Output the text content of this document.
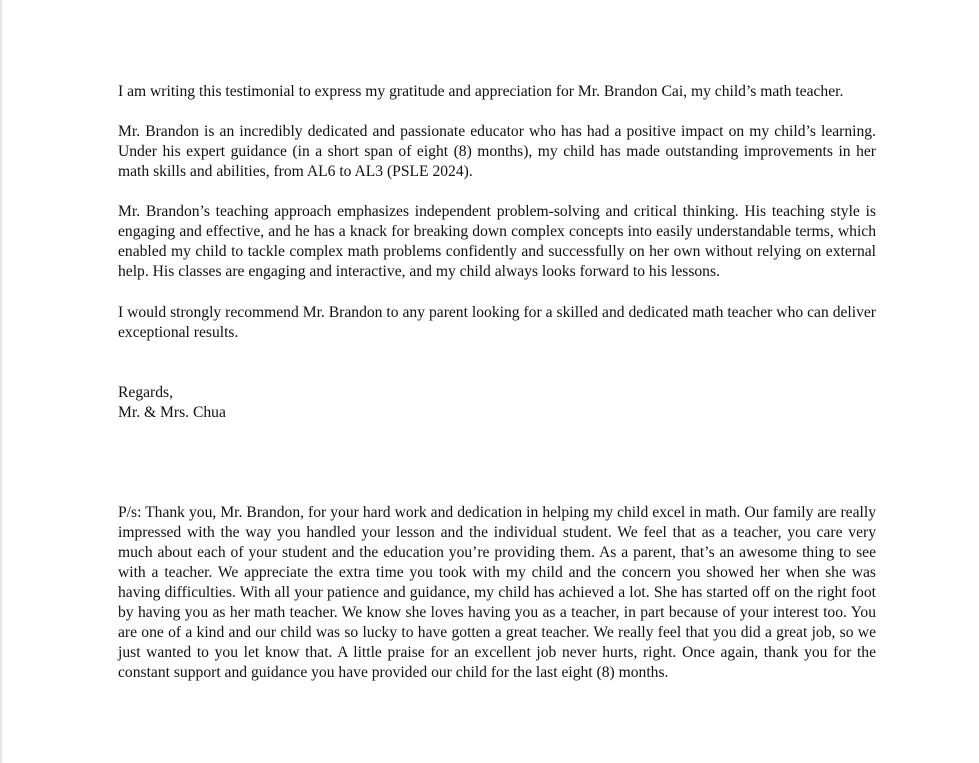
I am writing this testimonial to express my gratitude and appreciation for Mr. Brandon Cai, my child’s math teacher.

Mr. Brandon is an incredibly dedicated and passionate educator who has had a positive impact on my child’s learning. Under his expert guidance (in a short span of eight (8) months), my child has made outstanding improvements in her math skills and abilities, from AL6 to AL3 (PSLE 2024).

Mr. Brandon’s teaching approach emphasizes independent problem-solving and critical thinking. His teaching style is engaging and effective, and he has a knack for breaking down complex concepts into easily understandable terms, which enabled my child to tackle complex math problems confidently and successfully on her own without relying on external help. His classes are engaging and interactive, and my child always looks forward to his lessons.

I would strongly recommend Mr. Brandon to any parent looking for a skilled and dedicated math teacher who can deliver exceptional results.

Regards,
Mr. & Mrs. Chua

P/s: Thank you, Mr. Brandon, for your hard work and dedication in helping my child excel in math. Our family are really impressed with the way you handled your lesson and the individual student. We feel that as a teacher, you care very much about each of your student and the education you’re providing them. As a parent, that’s an awesome thing to see with a teacher. We appreciate the extra time you took with my child and the concern you showed her when she was having difficulties. With all your patience and guidance, my child has achieved a lot. She has started off on the right foot by having you as her math teacher. We know she loves having you as a teacher, in part because of your interest too. You are one of a kind and our child was so lucky to have gotten a great teacher. We really feel that you did a great job, so we just wanted to you let know that. A little praise for an excellent job never hurts, right. Once again, thank you for the constant support and guidance you have provided our child for the last eight (8) months.
